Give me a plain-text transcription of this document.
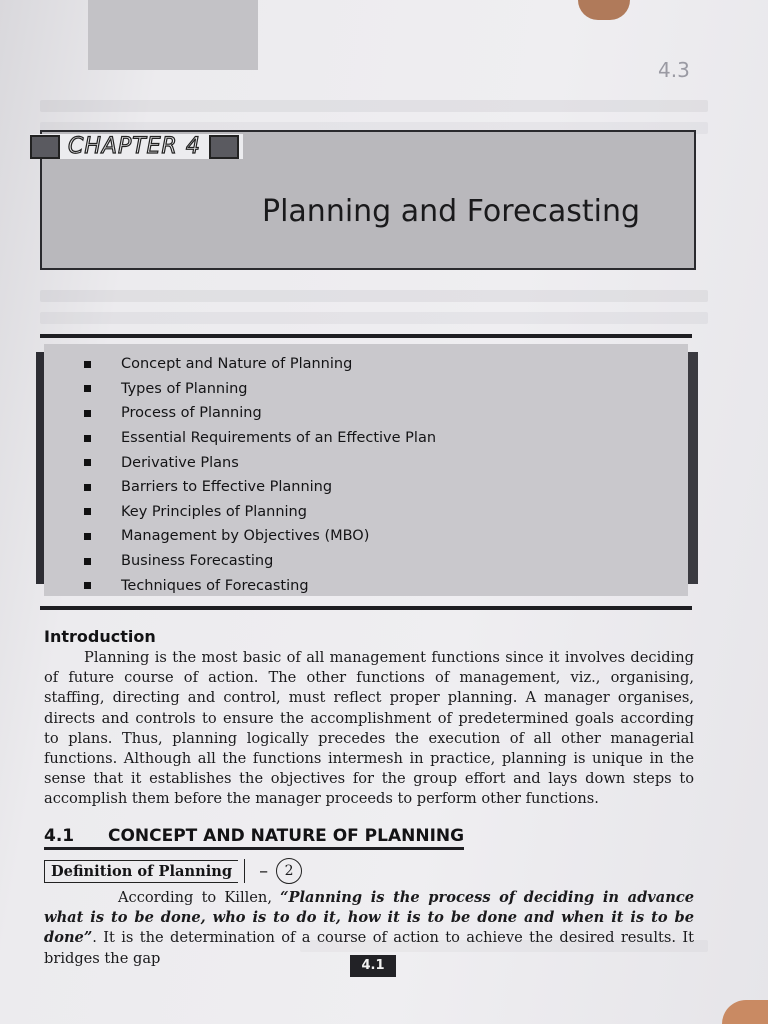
4.3
CHAPTER 4
Planning and Forecasting
Concept and Nature of Planning
Types of Planning
Process of Planning
Essential Requirements of an Effective Plan
Derivative Plans
Barriers to Effective Planning
Key Principles of Planning
Management by Objectives (MBO)
Business Forecasting
Techniques of Forecasting
Introduction
Planning is the most basic of all management functions since it involves deciding of future course of action. The other functions of management, viz., organising, staffing, directing and control, must reflect proper planning. A manager organises, directs and controls to ensure the accomplishment of predetermined goals according to plans. Thus, planning logically precedes the execution of all other managerial functions. Although all the functions intermesh in practice, planning is unique in the sense that it establishes the objectives for the group effort and lays down steps to accomplish them before the manager proceeds to perform other functions.
4.1 CONCEPT AND NATURE OF PLANNING
Definition of Planning	–	2
According to Killen, “Planning is the process of deciding in advance what is to be done, who is to do it, how it is to be done and when it is to be done”. It is the determination of a course of action to achieve the desired results. It bridges the gap	4.1
